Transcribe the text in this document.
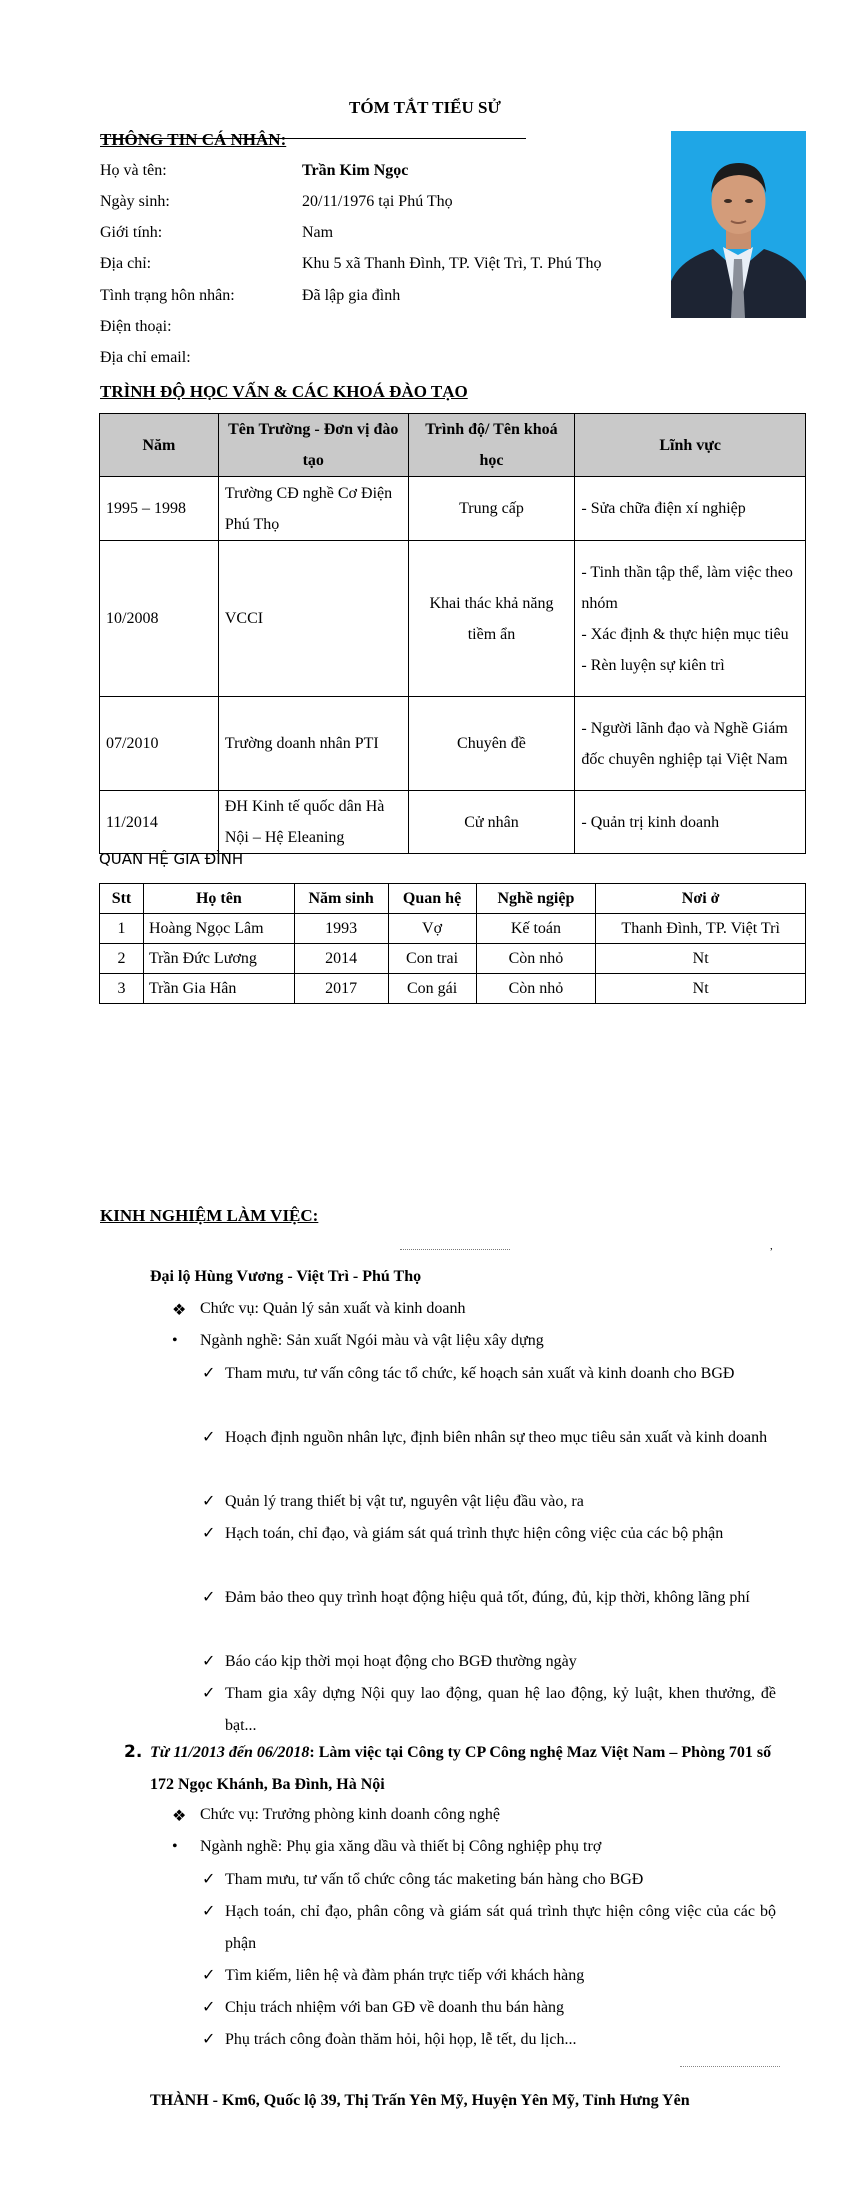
TÓM TẮT TIỂU SỬ
THÔNG TIN CÁ NHÂN:
Họ và tên:	Trần Kim Ngọc
Ngày sinh:	20/11/1976 tại Phú Thọ
Giới tính:	Nam
Địa chỉ:	Khu 5 xã Thanh Đình, TP. Việt Trì, T. Phú Thọ
Tình trạng hôn nhân:	Đã lập gia đình
Điện thoại:
Địa chỉ email:
TRÌNH ĐỘ HỌC VẤN & CÁC KHOÁ ĐÀO TẠO
Năm	Tên Trường - Đơn vị đào tạo	Trình độ/ Tên khoá học	Lĩnh vực
1995 – 1998	Trường CĐ nghề Cơ Điện Phú Thọ	Trung cấp	- Sửa chữa điện xí nghiệp
10/2008	VCCI	Khai thác khả năng tiềm ẩn	- Tinh thần tập thể, làm việc theo nhóm
- Xác định & thực hiện mục tiêu
- Rèn luyện sự kiên trì
07/2010	Trường doanh nhân PTI	Chuyên đề	- Người lãnh đạo và Nghề Giám đốc chuyên nghiệp tại Việt Nam
11/2014	ĐH Kinh tế quốc dân Hà Nội – Hệ Eleaning	Cử nhân	- Quản trị kinh doanh
QUAN HỆ GIA ĐÌNH
Stt	Họ tên	Năm sinh	Quan hệ	Nghề ngiệp	Nơi ở
1	Hoàng Ngọc Lâm	1993	Vợ	Kế toán	Thanh Đình, TP. Việt Trì
2	Trần Đức Lương	2014	Con trai	Còn nhỏ	Nt
3	Trần Gia Hân	2017	Con gái	Còn nhỏ	Nt
KINH NGHIỆM LÀM VIỆC:
,
Đại lộ Hùng Vương - Việt Trì - Phú Thọ
❖ Chức vụ: Quản lý sản xuất và kinh doanh
•	Ngành nghề: Sản xuất Ngói màu và vật liệu xây dựng
✓ Tham mưu, tư vấn công tác tổ chức, kế hoạch sản xuất và kinh doanh cho BGĐ
✓ Hoạch định nguồn nhân lực, định biên nhân sự theo mục tiêu sản xuất và kinh doanh
✓ Quản lý trang thiết bị vật tư, nguyên vật liệu đầu vào, ra
✓ Hạch toán, chỉ đạo, và giám sát quá trình thực hiện công việc của các bộ phận
✓ Đảm bảo theo quy trình hoạt động hiệu quả tốt, đúng, đủ, kịp thời, không lãng phí
✓ Báo cáo kịp thời mọi hoạt động cho BGĐ thường ngày
✓ Tham gia xây dựng Nội quy lao động, quan hệ lao động, kỷ luật, khen thưởng, đề bạt...
2. Từ 11/2013 đến 06/2018: Làm việc tại Công ty CP Công nghệ Maz Việt Nam – Phòng 701 số 172 Ngọc Khánh, Ba Đình, Hà Nội
❖ Chức vụ: Trưởng phòng kinh doanh công nghệ
•	Ngành nghề: Phụ gia xăng dầu và thiết bị Công nghiệp phụ trợ
✓ Tham mưu, tư vấn tổ chức công tác maketing bán hàng cho BGĐ
✓ Hạch toán, chỉ đạo, phân công và giám sát quá trình thực hiện công việc của các bộ phận
✓ Tìm kiếm, liên hệ và đàm phán trực tiếp với khách hàng
✓ Chịu trách nhiệm với ban GĐ về doanh thu bán hàng
✓ Phụ trách công đoàn thăm hỏi, hội họp, lễ tết, du lịch...
THÀNH - Km6, Quốc lộ 39, Thị Trấn Yên Mỹ, Huyện Yên Mỹ, Tỉnh Hưng Yên
